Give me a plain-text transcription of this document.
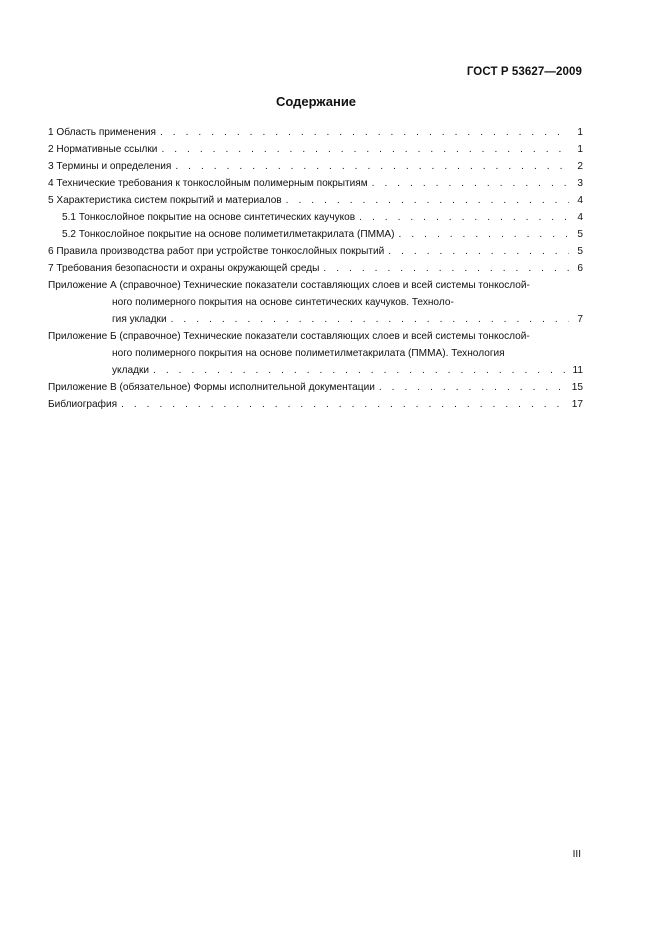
ГОСТ Р 53627—2009
Содержание
1 Область применения . . .	1
2 Нормативные ссылки . . .	1
3 Термины и определения . . .	2
4 Технические требования к тонкослойным полимерным покрытиям . . .	3
5 Характеристика систем покрытий и материалов . . .	4
5.1 Тонкослойное покрытие на основе синтетических каучуков . . .	4
5.2 Тонкослойное покрытие на основе полиметилметакрилата (ПММА) . . .	5
6 Правила производства работ при устройстве тонкослойных покрытий . . .	5
7 Требования безопасности и охраны окружающей среды . . .	6
Приложение А (справочное) Технические показатели составляющих слоев и всей системы тонкослой-
ного полимерного покрытия на основе синтетических каучуков. Техноло-
гия укладки . . .	7
Приложение Б (справочное) Технические показатели составляющих слоев и всей системы тонкослой-
ного полимерного покрытия на основе полиметилметакрилата (ПММА). Технология
укладки . . .	11
Приложение В (обязательное) Формы исполнительной документации . . .	15
Библиография . . .	17
III
